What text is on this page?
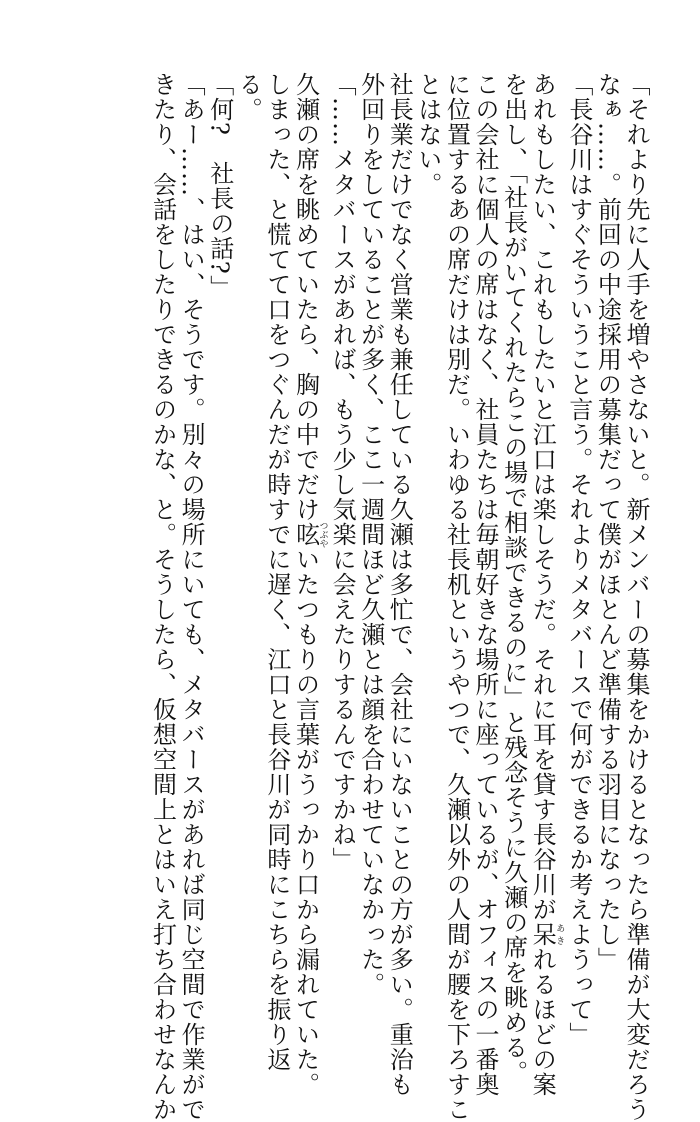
「それより先に人手を増やさないと。新メンバーの募集をかけるとなったら準備が大変だろう
なぁ……。前回の中途採用の募集だって僕がほとんど準備する羽目になったし」
「長谷川はすぐそういうこと言う。それよりメタバースで何ができるか考えようって」
あれもしたい、これもしたいと江口は楽しそうだ。それに耳を貸す長谷川が呆あきれるほどの案
を出し、「社長がいてくれたらこの場で相談できるのに」と残念そうに久瀬の席を眺める。
この会社に個人の席はなく、社員たちは毎朝好きな場所に座っているが、オフィスの一番奥
に位置するあの席だけは別だ。いわゆる社長机というやつで、久瀬以外の人間が腰を下ろすこ
とはない。
社長業だけでなく営業も兼任している久瀬は多忙で、会社にいないことの方が多い。重治も
外回りをしていることが多く、ここ一週間ほど久瀬とは顔を合わせていなかった。
「……メタバースがあれば、もう少し気楽に会えたりするんですかね」
久瀬の席を眺めていたら、胸の中でだけ呟つぶやいたつもりの言葉がうっかり口から漏れていた。
しまった、と慌てて口をつぐんだが時すでに遅く、江口と長谷川が同時にこちらを振り返
る。
「何?　社長の話?」
「あー……、はい、そうです。別々の場所にいても、メタバースがあれば同じ空間で作業がで
きたり、会話をしたりできるのかな、と。そうしたら、仮想空間上とはいえ打ち合わせなんか
